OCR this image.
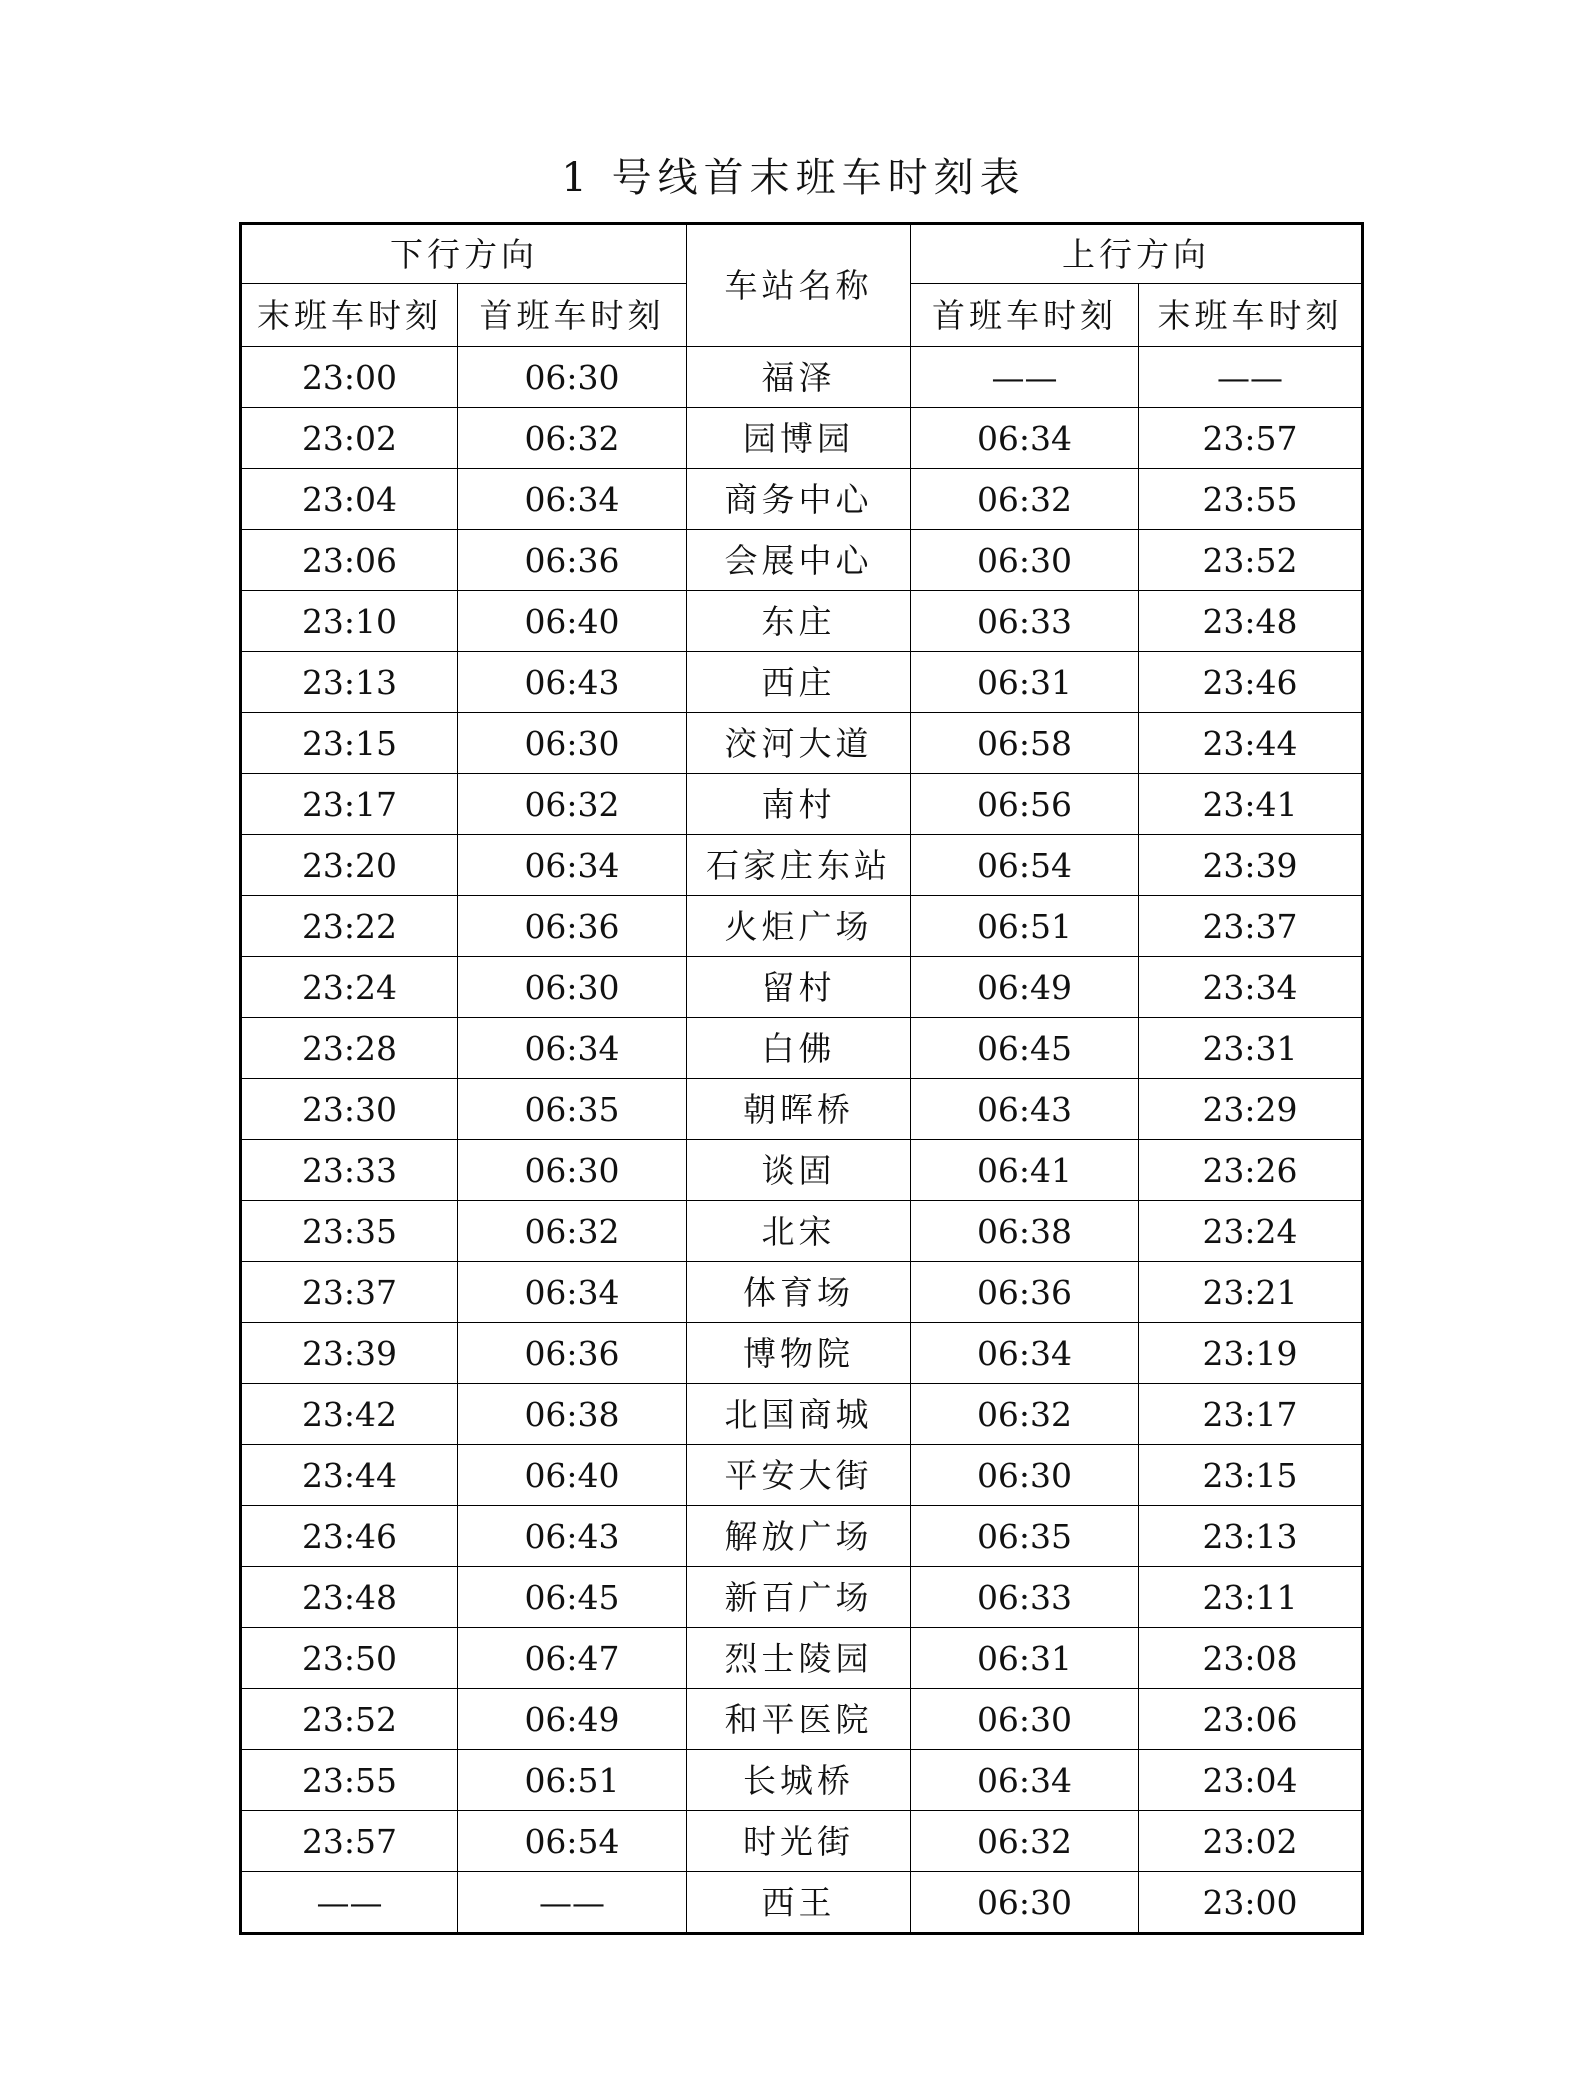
1 号线首末班车时刻表
下行方向		车站名称	上行方向	
末班车时刻	首班车时刻		首班车时刻	末班车时刻
23:00	06:30	福泽	——	——
23:02	06:32	园博园	06:34	23:57
23:04	06:34	商务中心	06:32	23:55
23:06	06:36	会展中心	06:30	23:52
23:10	06:40	东庄	06:33	23:48
23:13	06:43	西庄	06:31	23:46
23:15	06:30	洨河大道	06:58	23:44
23:17	06:32	南村	06:56	23:41
23:20	06:34	石家庄东站	06:54	23:39
23:22	06:36	火炬广场	06:51	23:37
23:24	06:30	留村	06:49	23:34
23:28	06:34	白佛	06:45	23:31
23:30	06:35	朝晖桥	06:43	23:29
23:33	06:30	谈固	06:41	23:26
23:35	06:32	北宋	06:38	23:24
23:37	06:34	体育场	06:36	23:21
23:39	06:36	博物院	06:34	23:19
23:42	06:38	北国商城	06:32	23:17
23:44	06:40	平安大街	06:30	23:15
23:46	06:43	解放广场	06:35	23:13
23:48	06:45	新百广场	06:33	23:11
23:50	06:47	烈士陵园	06:31	23:08
23:52	06:49	和平医院	06:30	23:06
23:55	06:51	长城桥	06:34	23:04
23:57	06:54	时光街	06:32	23:02
——	——	西王	06:30	23:00
